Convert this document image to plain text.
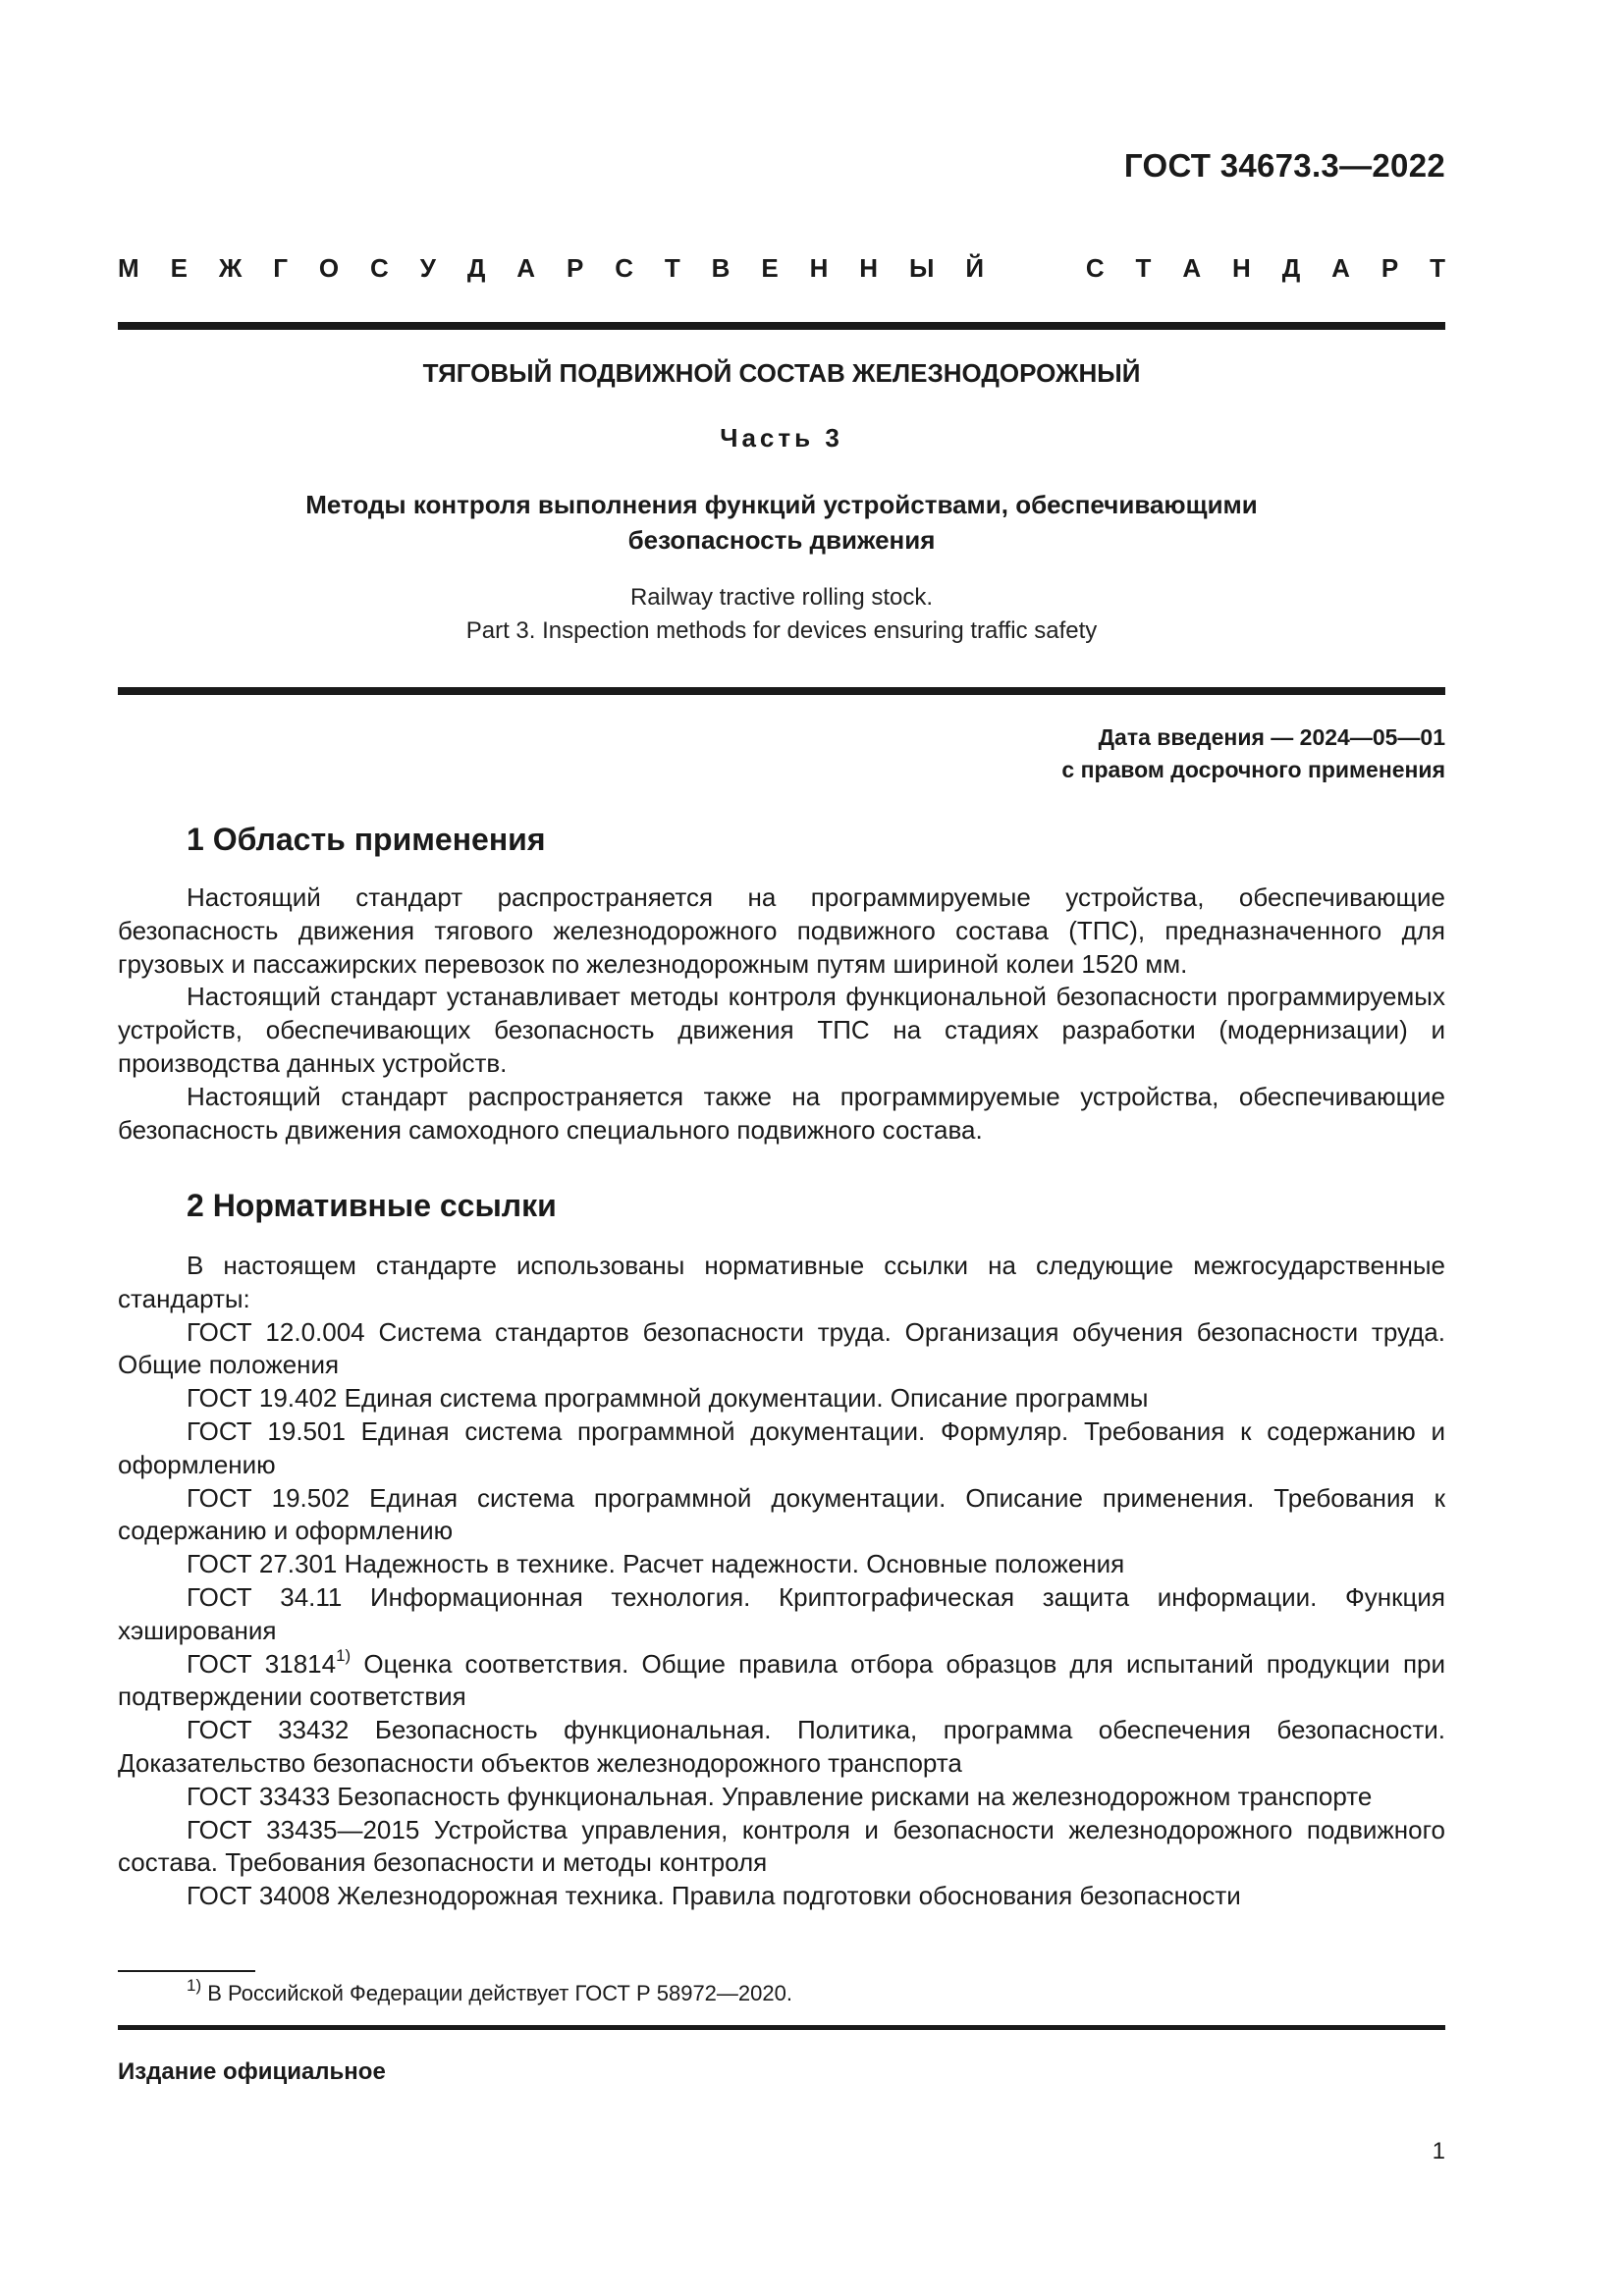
ГОСТ 34673.3—2022
М Е Ж Г О С У Д А Р С Т В Е Н Н Ы Й	С Т А Н Д А Р Т
ТЯГОВЫЙ ПОДВИЖНОЙ СОСТАВ ЖЕЛЕЗНОДОРОЖНЫЙ
Часть 3
Методы контроля выполнения функций устройствами, обеспечивающими
безопасность движения
Railway tractive rolling stock.
Part 3. Inspection methods for devices ensuring traffic safety
Дата введения — 2024—05—01
с правом досрочного применения
1 Область применения

Настоящий стандарт распространяется на программируемые устройства, обеспечивающие безопасность движения тягового железнодорожного подвижного состава (ТПС), предназначенного для грузовых и пассажирских перевозок по железнодорожным путям шириной колеи 1520 мм.

Настоящий стандарт устанавливает методы контроля функциональной безопасности программируемых устройств, обеспечивающих безопасность движения ТПС на стадиях разработки (модернизации) и производства данных устройств.

Настоящий стандарт распространяется также на программируемые устройства, обеспечивающие безопасность движения самоходного специального подвижного состава.

2 Нормативные ссылки

В настоящем стандарте использованы нормативные ссылки на следующие межгосударственные стандарты:

ГОСТ 12.0.004 Система стандартов безопасности труда. Организация обучения безопасности труда. Общие положения

ГОСТ 19.402 Единая система программной документации. Описание программы

ГОСТ 19.501 Единая система программной документации. Формуляр. Требования к содержанию и оформлению

ГОСТ 19.502 Единая система программной документации. Описание применения. Требования к содержанию и оформлению

ГОСТ 27.301 Надежность в технике. Расчет надежности. Основные положения

ГОСТ 34.11 Информационная технология. Криптографическая защита информации. Функция хэширования

ГОСТ 31814$^{1)}$ Оценка соответствия. Общие правила отбора образцов для испытаний продукции при подтверждении соответствия

ГОСТ 33432 Безопасность функциональная. Политика, программа обеспечения безопасности. Доказательство безопасности объектов железнодорожного транспорта

ГОСТ 33433 Безопасность функциональная. Управление рисками на железнодорожном транспорте

ГОСТ 33435—2015 Устройства управления, контроля и безопасности железнодорожного подвижного состава. Требования безопасности и методы контроля

ГОСТ 34008 Железнодорожная техника. Правила подготовки обоснования безопасности

$^{1)}$ В Российской Федерации действует ГОСТ Р 58972—2020.
Издание официальное
1
